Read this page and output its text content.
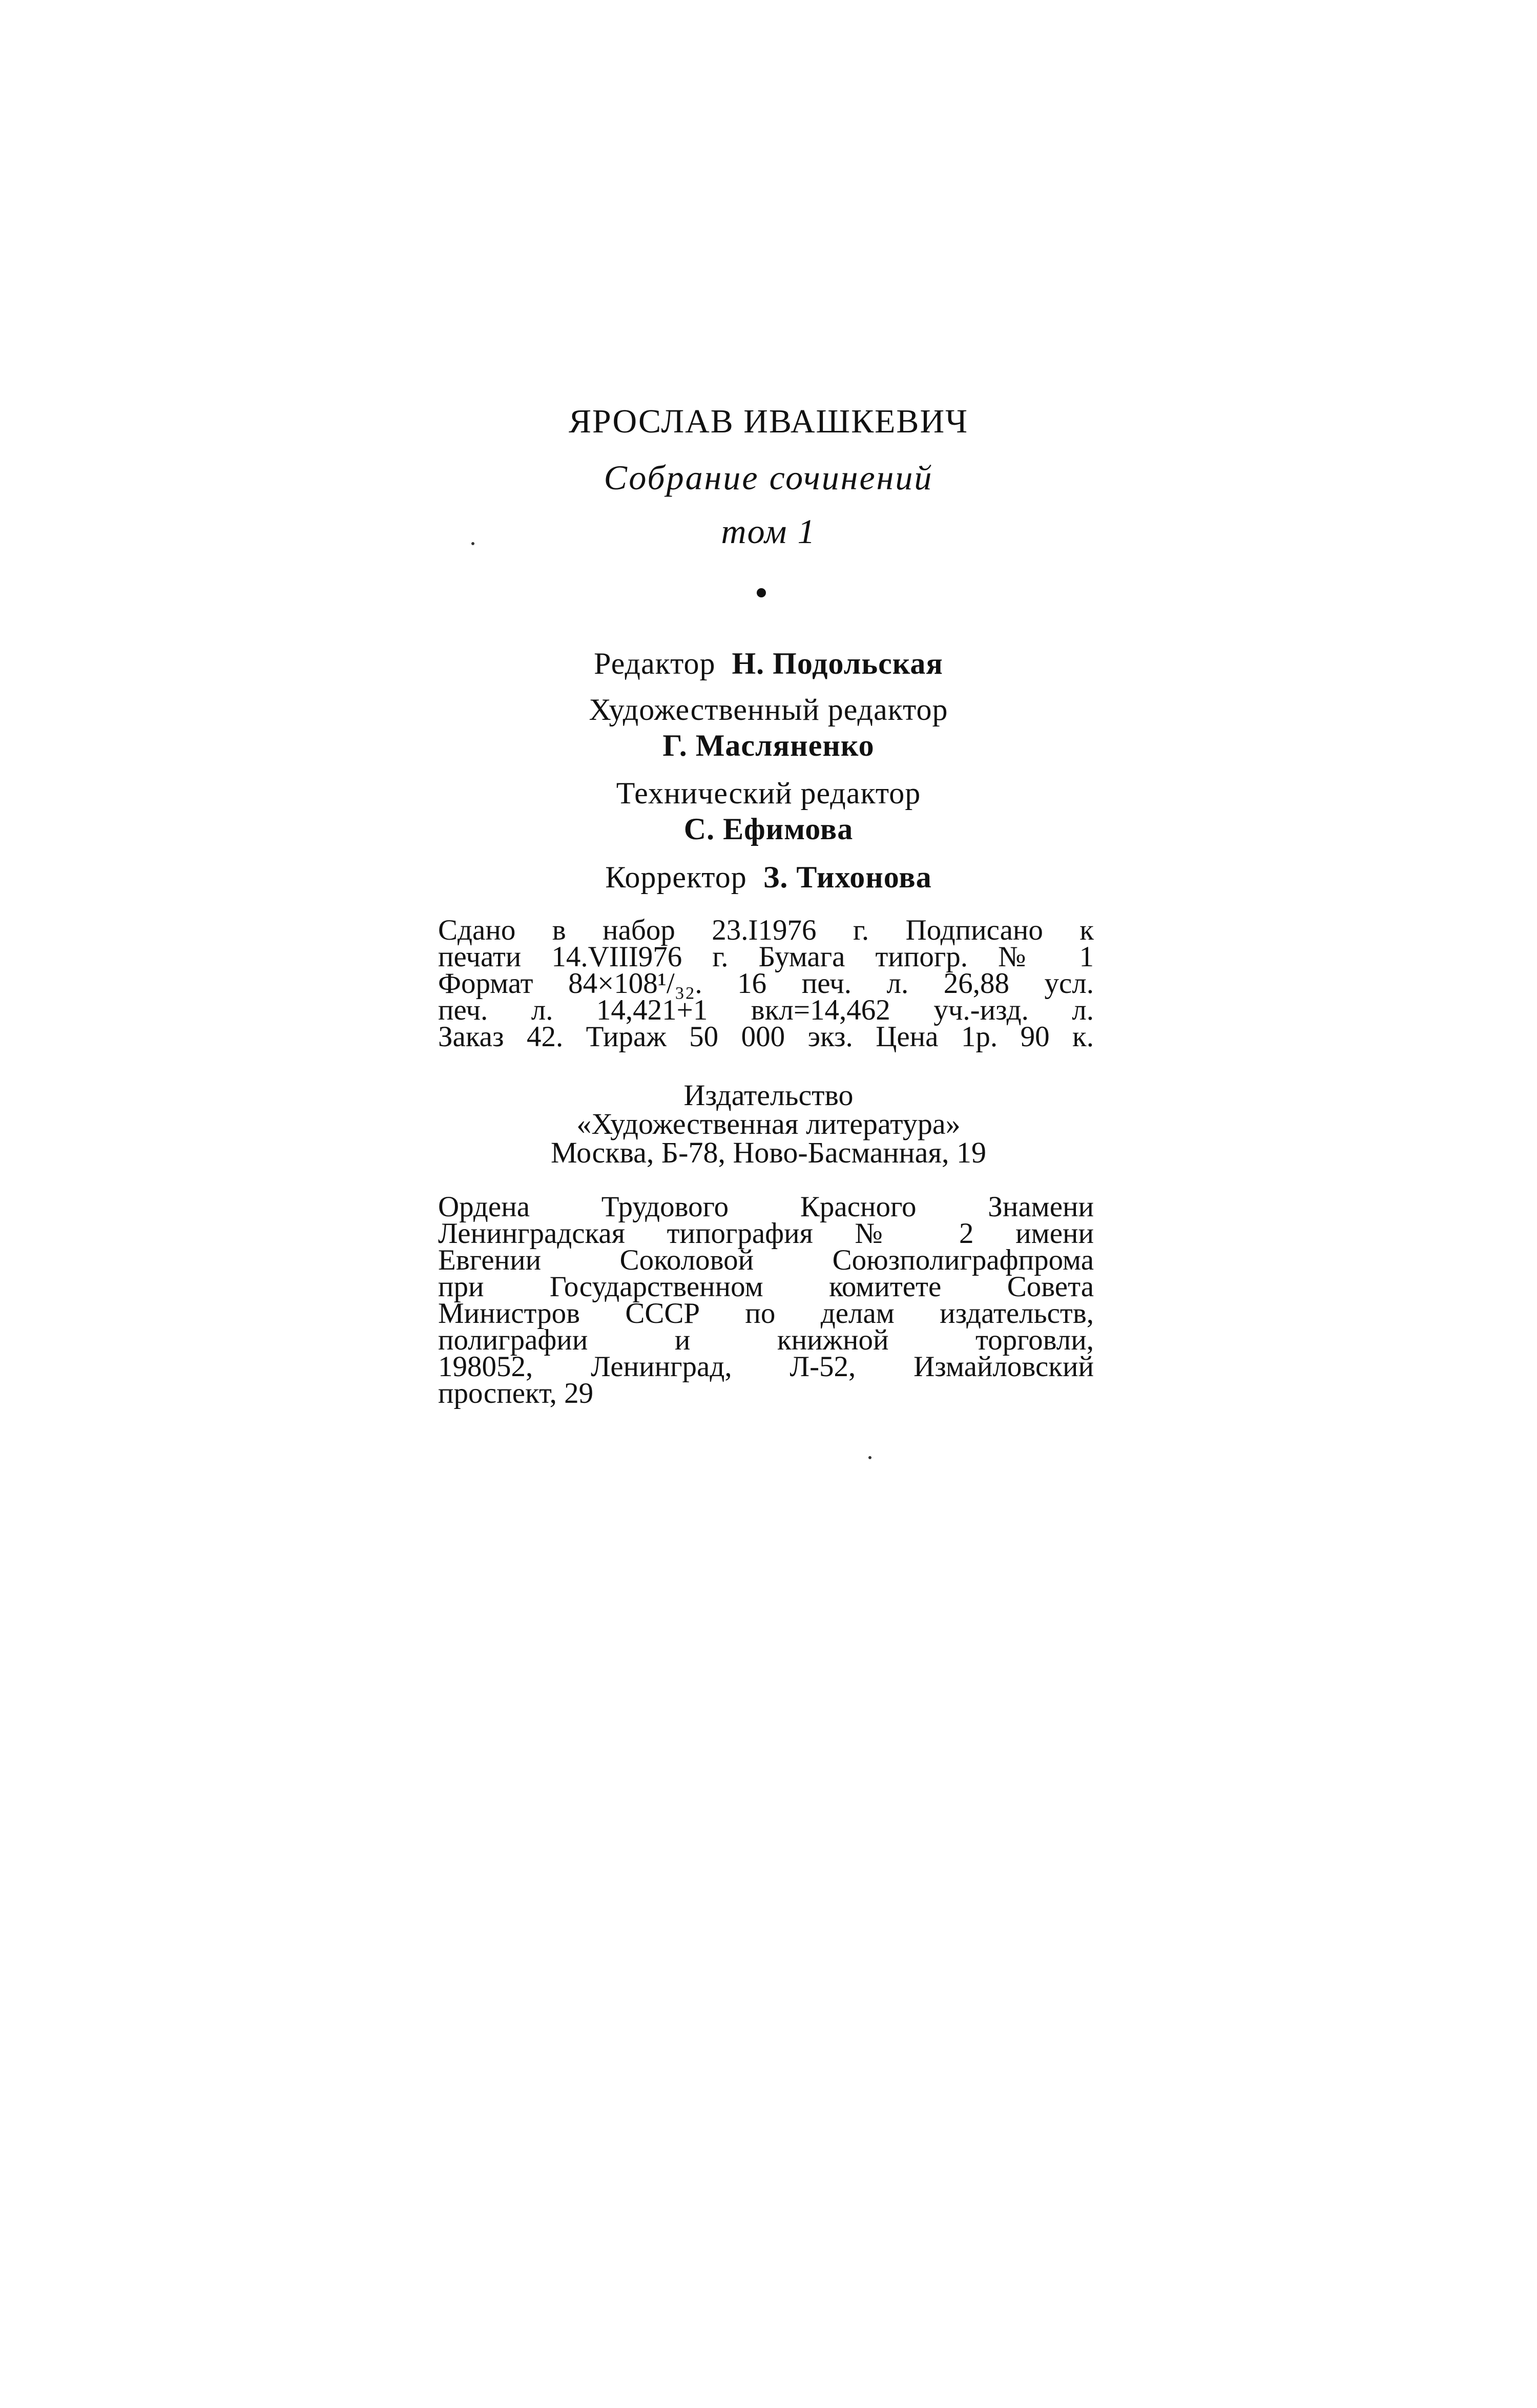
ЯРОСЛАВ ИВАШКЕВИЧ
Собрание сочинений
том 1
Редактор Н. Подольская
Художественный редактор
Г. Масляненко
Технический редактор
С. Ефимова
Корректор З. Тихонова
Сдано в набор 23.I1976 г. Подписано к
печати 14.VIII976 г. Бумага типогр. № 1
Формат 84×108¹/₃₂. 16 печ. л. 26,88 усл.
печ. л. 14,421+1 вкл=14,462 уч.-изд. л.
Заказ 42. Тираж 50 000 экз. Цена 1р. 90 к.
Издательство
«Художественная литература»
Москва, Б-78, Ново-Басманная, 19
Ордена Трудового Красного Знамени
Ленинградская типография № 2 имени
Евгении Соколовой Союзполиграфпрома
при Государственном комитете Совета
Министров СССР по делам издательств,
полиграфии и книжной торговли,
198052, Ленинград, Л-52, Измайловский
проспект, 29
